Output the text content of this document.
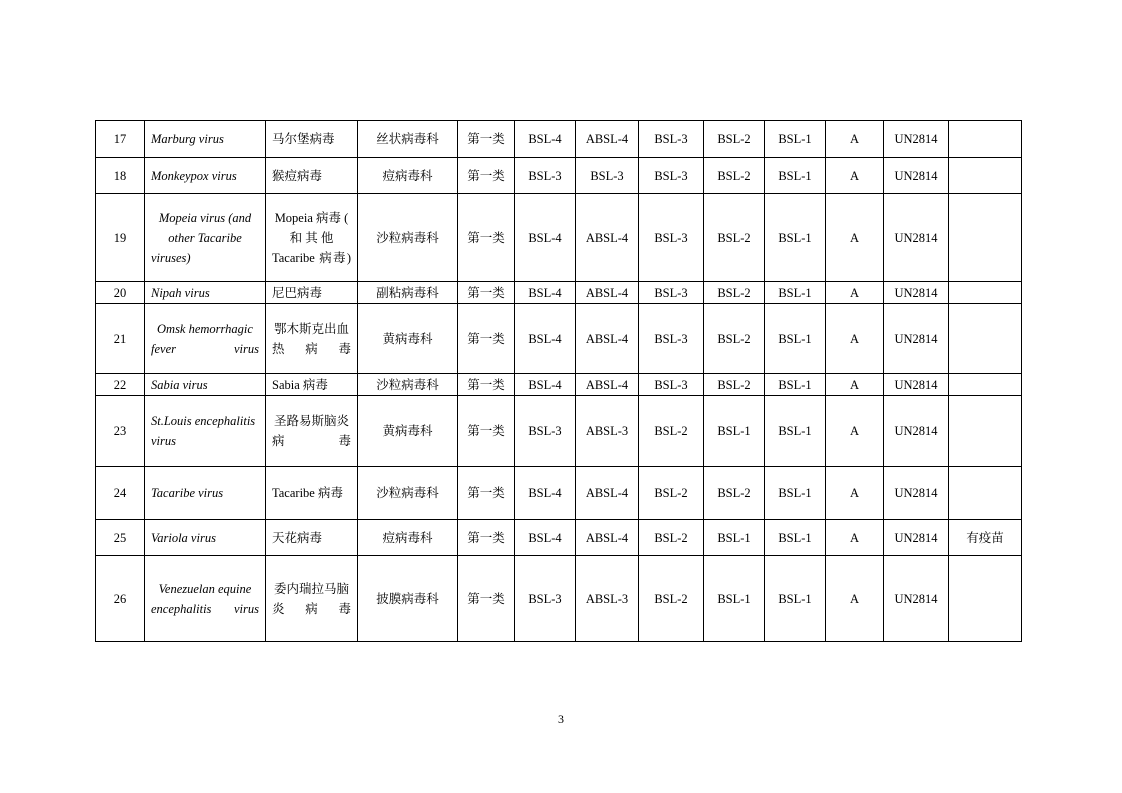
17	Marburg virus	马尔堡病毒	丝状病毒科	第一类	BSL-4	ABSL-4	BSL-3	BSL-2	BSL-1	A	UN2814	
18	Monkeypox virus	猴痘病毒	痘病毒科	第一类	BSL-3	BSL-3	BSL-3	BSL-2	BSL-1	A	UN2814	
19	Mopeia virus (and other Tacaribe viruses)	Mopeia 病毒 ( 和 其 他 Tacaribe 病毒)	沙粒病毒科	第一类	BSL-4	ABSL-4	BSL-3	BSL-2	BSL-1	A	UN2814	
20	Nipah virus	尼巴病毒	副粘病毒科	第一类	BSL-4	ABSL-4	BSL-3	BSL-2	BSL-1	A	UN2814	
21	Omsk hemorrhagic fever virus	鄂木斯克出血热病毒	黄病毒科	第一类	BSL-4	ABSL-4	BSL-3	BSL-2	BSL-1	A	UN2814	
22	Sabia virus	Sabia 病毒	沙粒病毒科	第一类	BSL-4	ABSL-4	BSL-3	BSL-2	BSL-1	A	UN2814	
23	St.Louis encephalitis virus	圣路易斯脑炎病毒	黄病毒科	第一类	BSL-3	ABSL-3	BSL-2	BSL-1	BSL-1	A	UN2814	
24	Tacaribe virus	Tacaribe 病毒	沙粒病毒科	第一类	BSL-4	ABSL-4	BSL-2	BSL-2	BSL-1	A	UN2814	
25	Variola virus	天花病毒	痘病毒科	第一类	BSL-4	ABSL-4	BSL-2	BSL-1	BSL-1	A	UN2814	有疫苗
26	Venezuelan equine encephalitis virus	委内瑞拉马脑炎病毒	披膜病毒科	第一类	BSL-3	ABSL-3	BSL-2	BSL-1	BSL-1	A	UN2814	
3
